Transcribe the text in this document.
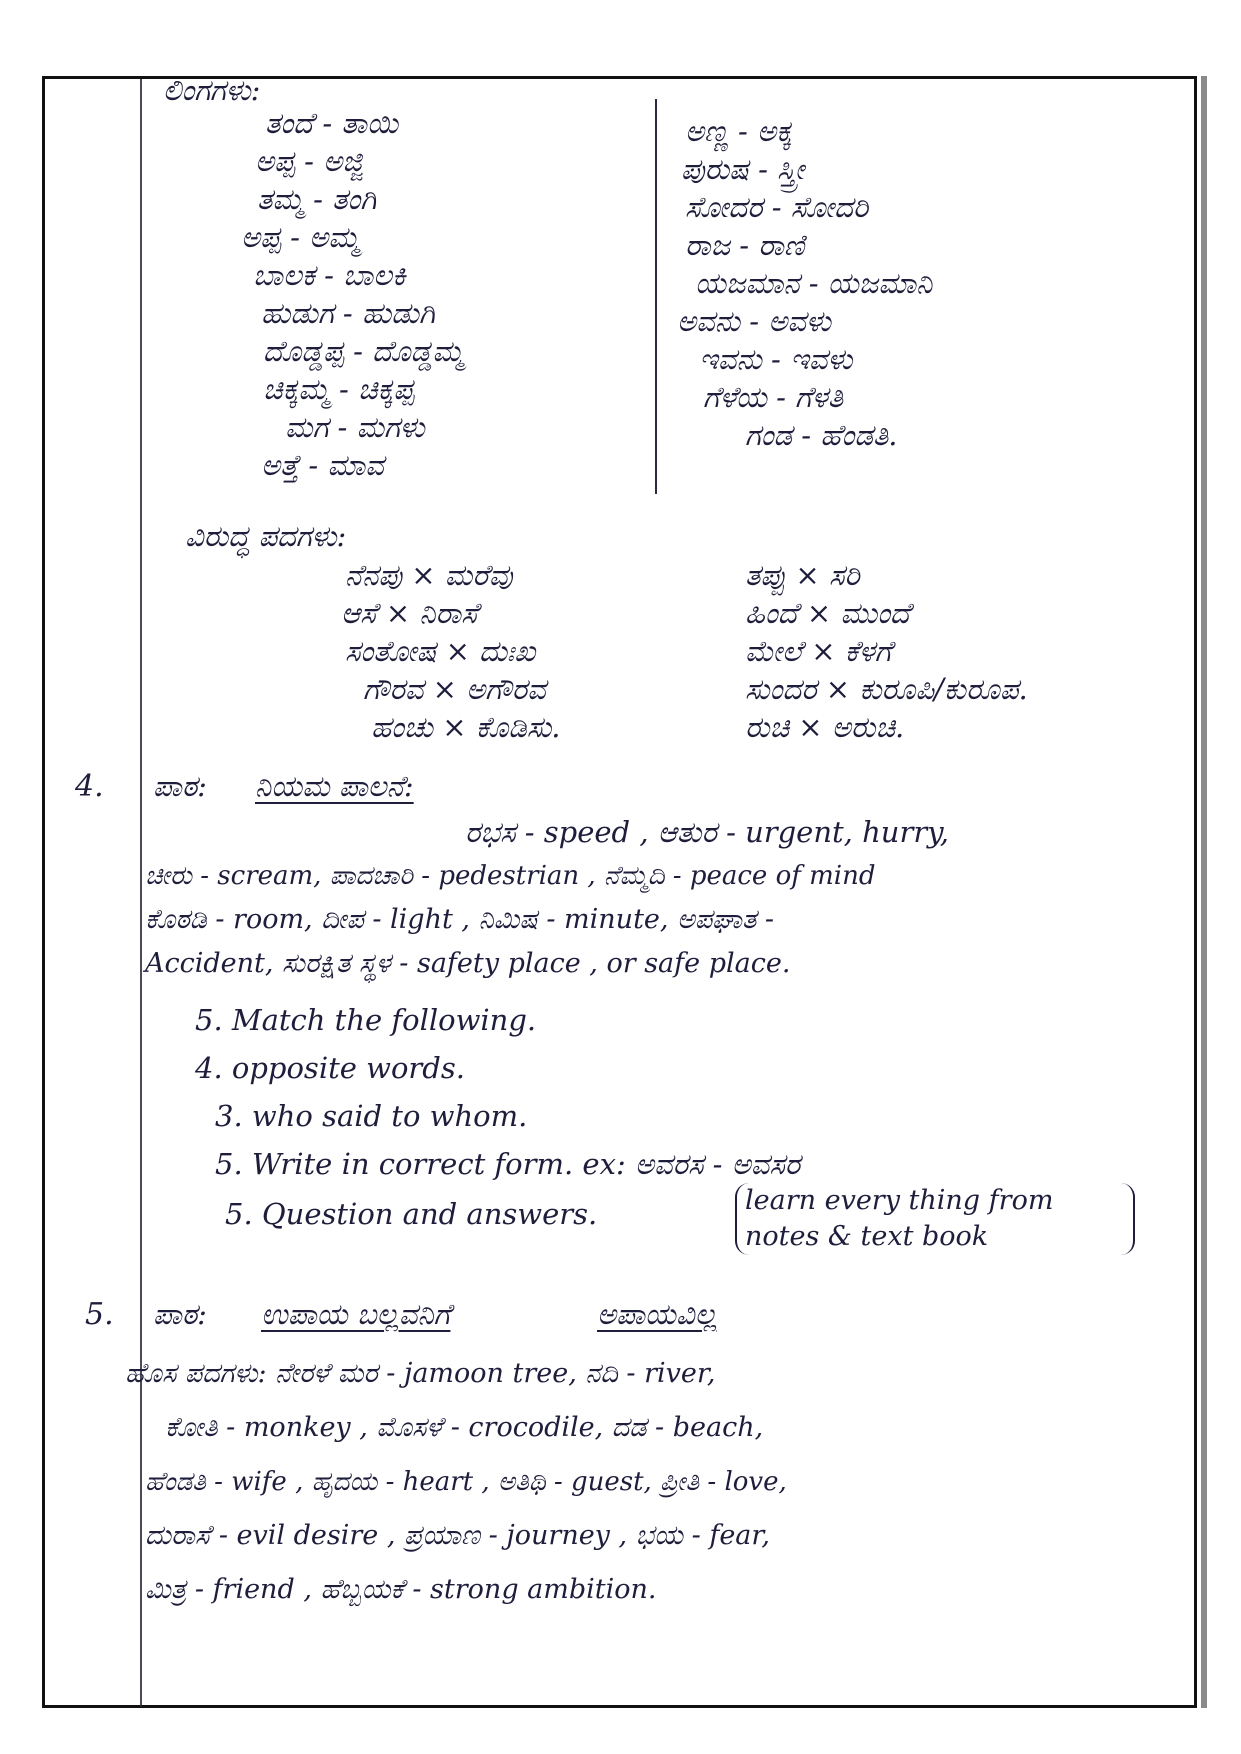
ಲಿಂಗಗಳು:
ತಂದೆ - ತಾಯಿ
ಅಪ್ಪ - ಅಜ್ಜಿ
ತಮ್ಮ - ತಂಗಿ
ಅಪ್ಪ - ಅಮ್ಮ
ಬಾಲಕ - ಬಾಲಕಿ
ಹುಡುಗ - ಹುಡುಗಿ
ದೊಡ್ಡಪ್ಪ - ದೊಡ್ಡಮ್ಮ
ಚಿಕ್ಕಮ್ಮ - ಚಿಕ್ಕಪ್ಪ
ಮಗ - ಮಗಳು
ಅತ್ತೆ - ಮಾವ
ಅಣ್ಣ - ಅಕ್ಕ
ಪುರುಷ - ಸ್ತ್ರೀ
ಸೋದರ - ಸೋದರಿ
ರಾಜ - ರಾಣಿ
ಯಜಮಾನ - ಯಜಮಾನಿ
ಅವನು - ಅವಳು
ಇವನು - ಇವಳು
ಗೆಳೆಯ - ಗೆಳತಿ
ಗಂಡ - ಹೆಂಡತಿ.
ವಿರುದ್ಧ ಪದಗಳು:
ನೆನಪು × ಮರೆವು
ಆಸೆ × ನಿರಾಸೆ
ಸಂತೋಷ × ದುಃಖ
ಗೌರವ × ಅಗೌರವ
ಹಂಚು × ಕೊಡಿಸು.
ತಪ್ಪು × ಸರಿ
ಹಿಂದೆ × ಮುಂದೆ
ಮೇಲೆ × ಕೆಳಗೆ
ಸುಂದರ × ಕುರೂಪಿ/ಕುರೂಪ.
ರುಚಿ × ಅರುಚಿ.
4. ಪಾಠ: ನಿಯಮ ಪಾಲನೆ:
ರಭಸ - speed , ಆತುರ - urgent, hurry,
ಚೀರು - scream, ಪಾದಚಾರಿ - pedestrian , ನೆಮ್ಮದಿ - peace of mind
ಕೊಠಡಿ - room, ದೀಪ - light , ನಿಮಿಷ - minute, ಅಪಘಾತ -
Accident, ಸುರಕ್ಷಿತ ಸ್ಥಳ - safety place , or safe place.
5. Match the following.
4. opposite words.
3. who said to whom.
5. Write in correct form. ex: ಅವರಸ - ಅವಸರ
5. Question and answers.	learn every thing from notes & text book
5. ಪಾಠ: ಉಪಾಯ ಬಲ್ಲವನಿಗೆ	ಅಪಾಯವಿಲ್ಲ
ಹೊಸ ಪದಗಳು: ನೇರಳೆ ಮರ - jamoon tree, ನದಿ - river,
ಕೋತಿ - monkey , ಮೊಸಳೆ - crocodile, ದಡ - beach,
ಹೆಂಡತಿ - wife , ಹೃದಯ - heart , ಅತಿಥಿ - guest, ಪ್ರೀತಿ - love,
ದುರಾಸೆ - evil desire , ಪ್ರಯಾಣ - journey , ಭಯ - fear,
ಮಿತ್ರ - friend , ಹೆಬ್ಬಯಕೆ - strong ambition.
